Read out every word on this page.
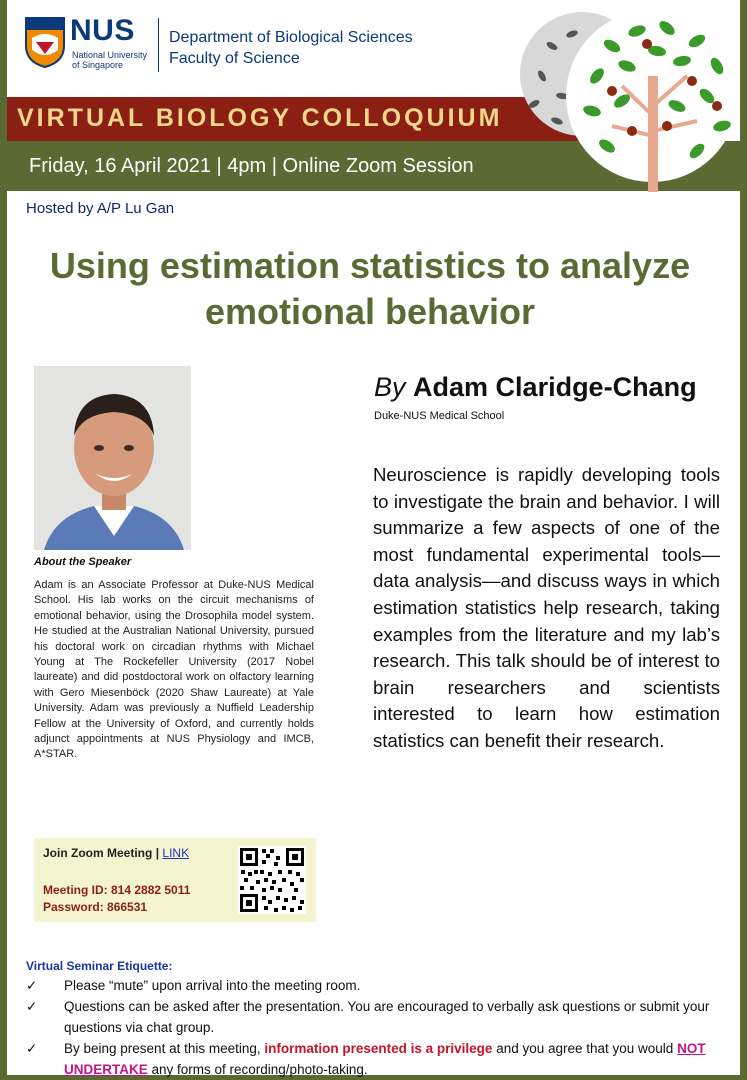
NUS
National University of Singapore
Department of Biological Sciences
Faculty of Science
Friday, 16 April 2021 | 4pm | Online Zoom Session
VIRTUAL BIOLOGY COLLOQUIUM
Hosted by A/P Lu Gan
Using estimation statistics to analyze emotional behavior
About the Speaker
Adam is an Associate Professor at Duke-NUS Medical School. His lab works on the circuit mechanisms of emotional behavior, using the Drosophila model system. He studied at the Australian National University, pursued his doctoral work on circadian rhythms with Michael Young at The Rockefeller University (2017 Nobel laureate) and did postdoctoral work on olfactory learning with Gero Miesenböck (2020 Shaw Laureate) at Yale University. Adam was previously a Nuffield Leadership Fellow at the University of Oxford, and currently holds adjunct appointments at NUS Physiology and IMCB, A*STAR.
By Adam Claridge-Chang
Duke-NUS Medical School
Neuroscience is rapidly developing tools to investigate the brain and behavior. I will summarize a few aspects of one of the most fundamental experimental tools—data analysis—and discuss ways in which estimation statistics help research, taking examples from the literature and my lab’s research. This talk should be of interest to brain researchers and scientists interested to learn how estimation statistics can benefit their research.
Join Zoom Meeting | LINK
Meeting ID: 814 2882 5011
Password: 866531
Virtual Seminar Etiquette:
✓ Please “mute” upon arrival into the meeting room.
✓ Questions can be asked after the presentation. You are encouraged to verbally ask questions or submit your questions via chat group.
✓ By being present at this meeting, information presented is a privilege and you agree that you would NOT UNDERTAKE any forms of recording/photo-taking.
